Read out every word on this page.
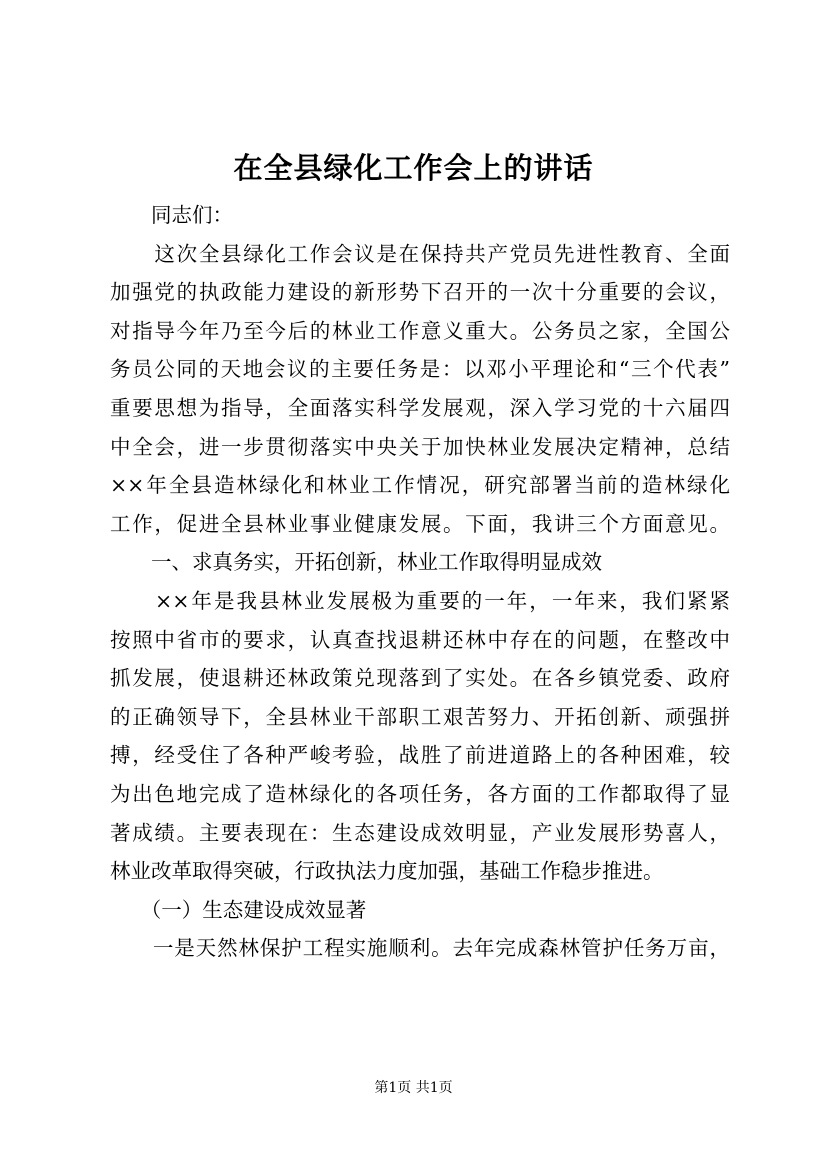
在全县绿化工作会上的讲话
　　同志们：
　　这次全县绿化工作会议是在保持共产党员先进性教育、全面
加强党的执政能力建设的新形势下召开的一次十分重要的会议，
对指导今年乃至今后的林业工作意义重大。公务员之家，全国公
务员公同的天地会议的主要任务是：以邓小平理论和“三个代表”
重要思想为指导，全面落实科学发展观，深入学习党的十六届四
中全会，进一步贯彻落实中央关于加快林业发展决定精神，总结
××年全县造林绿化和林业工作情况，研究部署当前的造林绿化
工作，促进全县林业事业健康发展。下面，我讲三个方面意见。
　　一、求真务实，开拓创新，林业工作取得明显成效
　　××年是我县林业发展极为重要的一年，一年来，我们紧紧
按照中省市的要求，认真查找退耕还林中存在的问题，在整改中
抓发展，使退耕还林政策兑现落到了实处。在各乡镇党委、政府
的正确领导下，全县林业干部职工艰苦努力、开拓创新、顽强拼
搏，经受住了各种严峻考验，战胜了前进道路上的各种困难，较
为出色地完成了造林绿化的各项任务，各方面的工作都取得了显
著成绩。主要表现在：生态建设成效明显，产业发展形势喜人，
林业改革取得突破，行政执法力度加强，基础工作稳步推进。
　　（一）生态建设成效显著
　　一是天然林保护工程实施顺利。去年完成森林管护任务万亩，
第1页 共1页
